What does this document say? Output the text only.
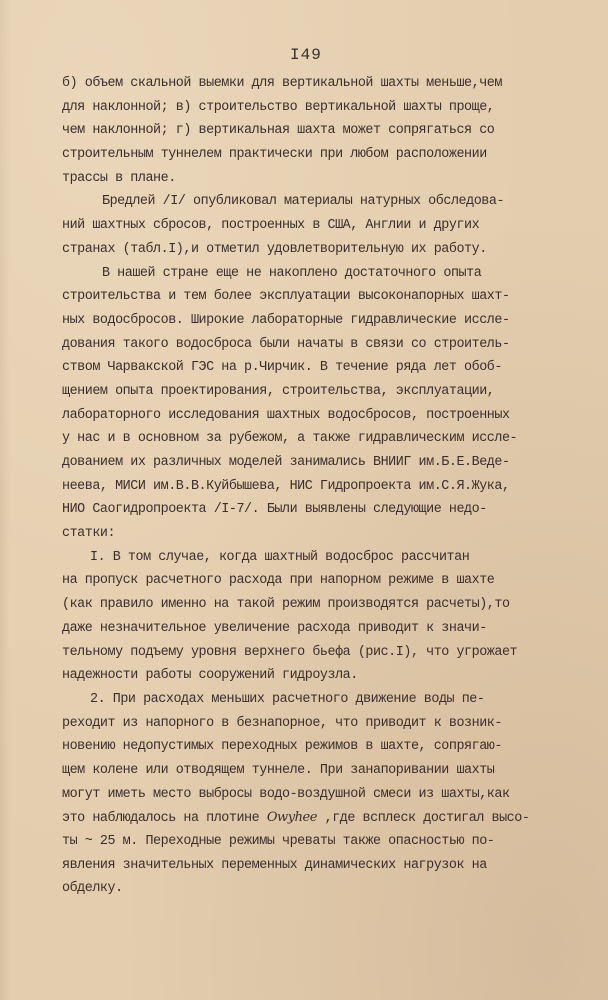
I49
б) объем скальной выемки для вертикальной шахты меньше,чем
для наклонной; в) строительство вертикальной шахты проще,
чем наклонной; г) вертикальная шахта может сопрягаться со
строительным туннелем практически при любом расположении
трассы в плане.
Бредлей /I/ опубликовал материалы натурных обследова-
ний шахтных сбросов, построенных в США, Англии и других
странах (табл.I),и отметил удовлетворительную их работу.
В нашей стране еще не накоплено достаточного опыта
строительства и тем более эксплуатации высоконапорных шахт-
ных водосбросов. Широкие лабораторные гидравлические иссле-
дования такого водосброса были начаты в связи со строитель-
ством Чарвакской ГЭС на р.Чирчик. В течение ряда лет обоб-
щением опыта проектирования, строительства, эксплуатации,
лабораторного исследования шахтных водосбросов, построенных
у нас и в основном за рубежом, а также гидравлическим иссле-
дованием их различных моделей занимались ВНИИГ им.Б.Е.Веде-
неева, МИСИ им.В.В.Куйбышева, НИС Гидропроекта им.С.Я.Жука,
НИО Саогидропроекта /I-7/. Были выявлены следующие недо-
статки:
I. В том случае, когда шахтный водосброс рассчитан
на пропуск расчетного расхода при напорном режиме в шахте
(как правило именно на такой режим производятся расчеты),то
даже незначительное увеличение расхода приводит к значи-
тельному подъему уровня верхнего бьефа (рис.I), что угрожает
надежности работы сооружений гидроузла.
2. При расходах меньших расчетного движение воды пе-
реходит из напорного в безнапорное, что приводит к возник-
новению недопустимых переходных режимов в шахте, сопрягаю-
щем колене или отводящем туннеле. При занапоривании шахты
могут иметь место выбросы водо-воздушной смеси из шахты,как
это наблюдалось на плотине Owyhee ,где всплеск достигал высо-
ты ~ 25 м. Переходные режимы чреваты также опасностью по-
явления значительных переменных динамических нагрузок на
обделку.
